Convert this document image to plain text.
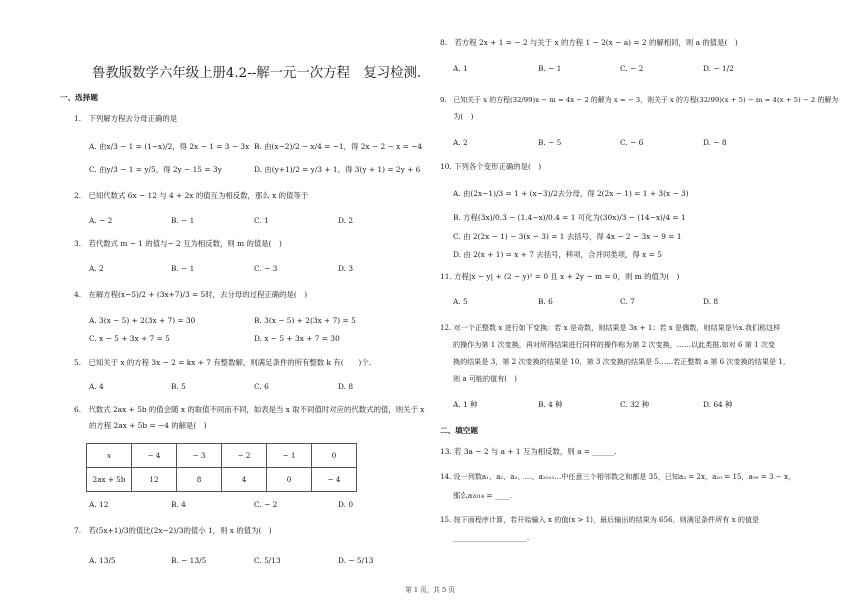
鲁教版数学六年级上册4.2--解一元一次方程　复习检测.
一、选择题
1.　下列解方程去分母正确的是
A. 由x/3 − 1 = (1−x)/2，得 2x − 1 = 3 − 3x B. 由(x−2)/2 − x/4 = −1，得 2x − 2 − x = −4
C. 由y/3 − 1 = y/5，得 2y − 15 = 3y	D. 由(y+1)/2 = y/3 + 1，得 3(y + 1) = 2y + 6
2.　已知代数式 6x − 12 与 4 + 2x 的值互为相反数，那么 x 的值等于
A. − 2	B. − 1	C. 1	D. 2
3.　若代数式 m − 1 的值与− 2 互为相反数，则 m 的值是(　)
A. 2	B. − 1	C. − 3	D. 3
4.　在解方程(x−5)/2 + (3x+7)/3 = 5时，去分母的过程正确的是(　)
A. 3(x − 5) + 2(3x + 7) = 30	B. 3(x − 5) + 2(3x + 7) = 5
C. x − 5 + 3x + 7 = 5	D. x − 5 + 3x + 7 = 30
5.　已知关于 x 的方程 3x − 2 = kx + 7 有整数解，则满足条件的所有整数 k 有(　　)个.
A. 4	B. 5	C. 6	D. 8
6.　代数式 2ax + 5b 的值会随 x 的取值不同而不同，如表是当 x 取不同值时对应的代数式的值，则关于 x
的方程 2ax + 5b = −4 的解是(　)
x	− 4	− 3	− 2	− 1	0
2ax + 5b	12	8	4	0	− 4
A. 12	B. 4	C. − 2	D. 0
7.　若(5x+1)/3的值比(2x−2)/3的值小 1，则 x 的值为(　)
A. 13/5	B. − 13/5	C. 5/13	D. − 5/13
8.　若方程 2x + 1 = − 2 与关于 x 的方程 1 − 2(x − a) = 2 的解相同，则 a 的值是(　)
A. 1	B. − 1	C. − 2	D. − 1/2
9.　已知关于 x 的方程(32/99)x − m = 4x − 2 的解为 x = − 3，则关于 x 的方程(32/99)(x + 5) − m = 4(x + 5) − 2 的解为
为(　)
A. 2	B. − 5	C. − 6	D. − 8
10. 下列各个变形正确的是(　)
A. 由(2x−1)/3 = 1 + (x−3)/2去分母，得 2(2x − 1) = 1 + 3(x − 3)
B. 方程(3x)/0.3 − (1.4−x)/0.4 = 1 可化为(30x)/3 − (14−x)/4 = 1
C. 由 2(2x − 1) − 3(x − 3) = 1 去括号，得 4x − 2 − 3x − 9 = 1
D. 由 2(x + 1) = x + 7 去括号，移项，合并同类项，得 x = 5
11. 方程|x − y| + (2 − y)² = 0 且 x + 2y − m = 0，则 m 的值为(　)
A. 5	B. 6	C. 7	D. 8
12. 对一个正整数 x 进行如下变换：若 x 是奇数，则结果是 3x + 1；若 x 是偶数，则结果是½x.我们称这样
的操作为第 1 次变换，再对所得结果进行同样的操作称为第 2 次变换，……以此类推.如对 6 第 1 次变
换的结果是 3，第 2 次变换的结果是 10，第 3 次变换的结果是 5……若正整数 a 第 6 次变换的结果是 1，
则 a 可能的值有(　)
A. 1 种	B. 4 种	C. 32 种	D. 64 种
二、填空题
13. 若 3a − 2 与 a + 1 互为相反数，则 a = ______.
14. 设一列数a₁、a₂、a₃、…、a₂₀₁₃…中任意三个相邻数之和都是 35，已知a₃ = 2x，a₂₀ = 15，a₉₉ = 3 − x，
那么a₂₀₁₄ = ____.
15. 按下面程序计算，若开始输入 x 的值(x > 1)，最后输出的结果为 656，则满足条件所有 x 的值是
____________________.
第 1 页，共 5 页
